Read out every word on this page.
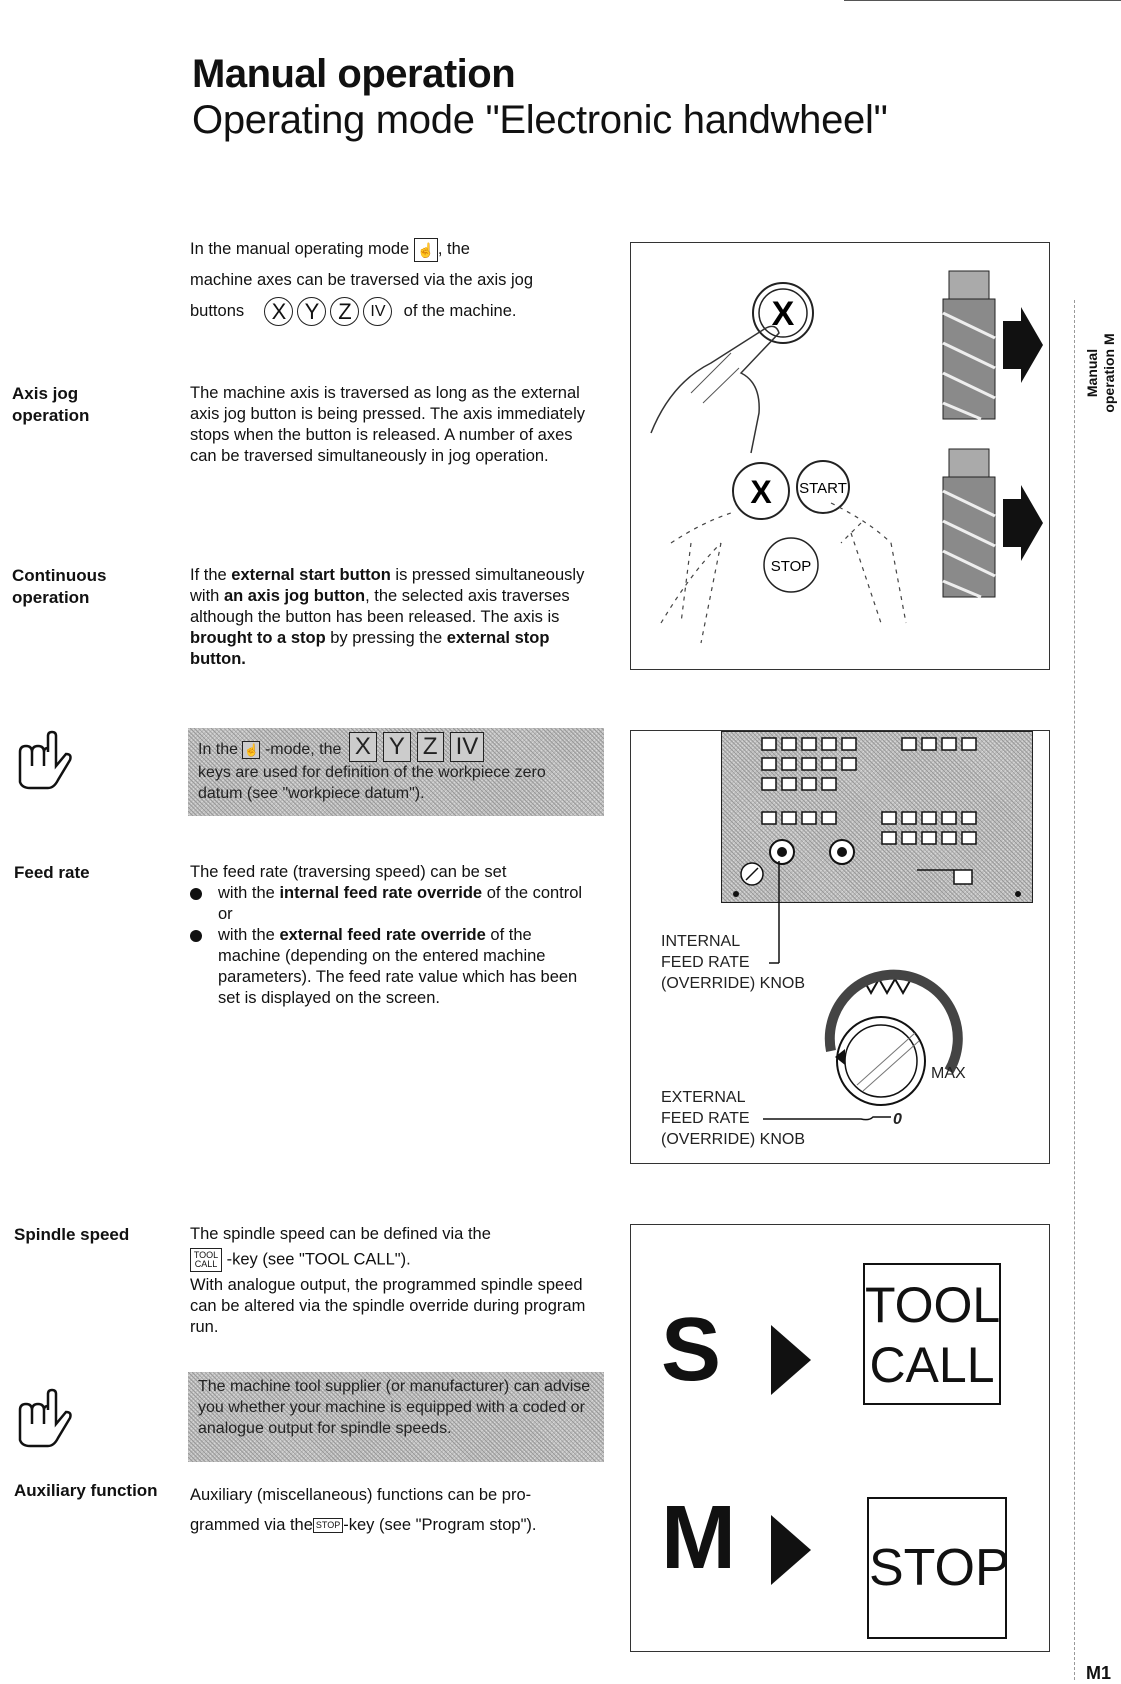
Manual operation
Operating mode "Electronic handwheel"
Manual operation M
In the manual operating mode ☝ , the
machine axes can be traversed via the axis jog
buttons X Y Z IV of the machine.
Axis jog
operation
The machine axis is traversed as long as the external axis jog button is being pressed. The axis immediately stops when the button is released. A number of axes can be traversed simultaneously in jog operation.
Continuous
operation
If the external start button is pressed simultaneously with an axis jog button, the selected axis traverses although the button has been released. The axis is brought to a stop by pressing the external stop button.
X
X START
STOP
In the ☝ -mode, the X Y Z IV
keys are used for definition of the workpiece zero datum (see "workpiece datum").
Feed rate	The feed rate (traversing speed) can be set
with the internal feed rate override of the control or
with the external feed rate override of the machine (depending on the entered machine parameters). The feed rate value which has been set is displayed on the screen.
INTERNAL
FEED RATE
(OVERRIDE) KNOB
MAX
EXTERNAL
FEED RATE
(OVERRIDE) KNOB
0
Spindle speed	The spindle speed can be defined via the
TOOL
CALL -key (see "TOOL CALL").
With analogue output, the programmed spindle speed can be altered via the spindle override during program run.
The machine tool supplier (or manufacturer) can advise you whether your machine is equipped with a coded or analogue output for spindle speeds.
Auxiliary function Auxiliary (miscellaneous) functions can be pro-
grammed via the STOP -key (see "Program stop").
S	TOOL
CALL
M	STOP
M1
